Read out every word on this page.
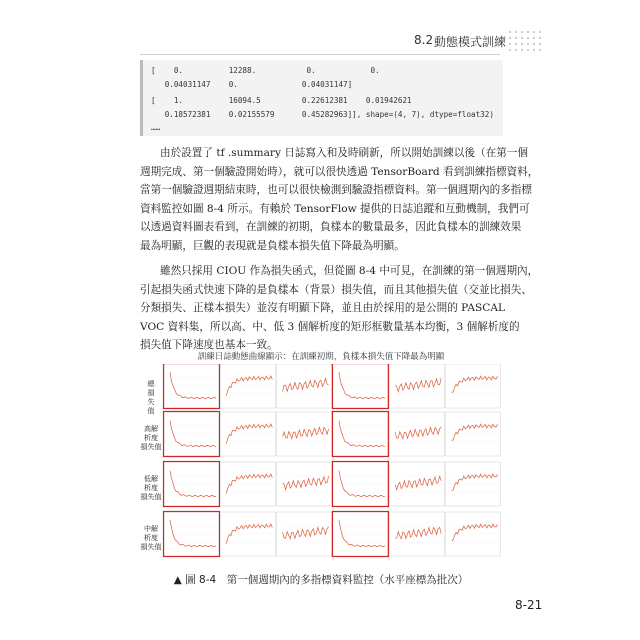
8.2 動態模式訓練
[    0.          12288.           0.            0.
0.04031147    0.              0.04031147]
[    1.          16094.5         0.22612381    0.01942621
0.18572381    0.02155579      0.45282963]], shape=(4, 7), dtype=float32)
……
由於設置了 tf .summary 日誌寫入和及時刷新，所以開始訓練以後（在第一個
週期完成、第一個驗證開始時），就可以很快透過 TensorBoard 看到訓練指標資料，
當第一個驗證週期結束時，也可以很快檢測到驗證指標資料。第一個週期內的多指標
資料監控如圖 8-4 所示。有賴於 TensorFlow 提供的日誌追蹤和互動機制，我們可
以透過資料圖表看到，在訓練的初期，負樣本的數量最多，因此負樣本的訓練效果
最為明顯，巨觀的表現就是負樣本損失值下降最為明顯。
雖然只採用 CIOU 作為損失函式，但從圖 8-4 中可見，在訓練的第一個週期內，
引起損失函式快速下降的是負樣本（背景）損失值，而且其他損失值（交並比損失、
分類損失、正樣本損失）並沒有明顯下降，並且由於採用的是公開的 PASCAL
VOC 資料集，所以高、中、低 3 個解析度的矩形框數量基本均衡，3 個解析度的
損失值下降速度也基本一致。
訓練日誌動態曲線顯示：在訓練初期，負樣本損失值下降最為明顯
總
損
失
值
高解
析度
損失值
低解
析度
損失值
中解
析度
損失值
▲ 圖 8-4　第一個週期內的多指標資料監控（水平座標為批次）
8-21
